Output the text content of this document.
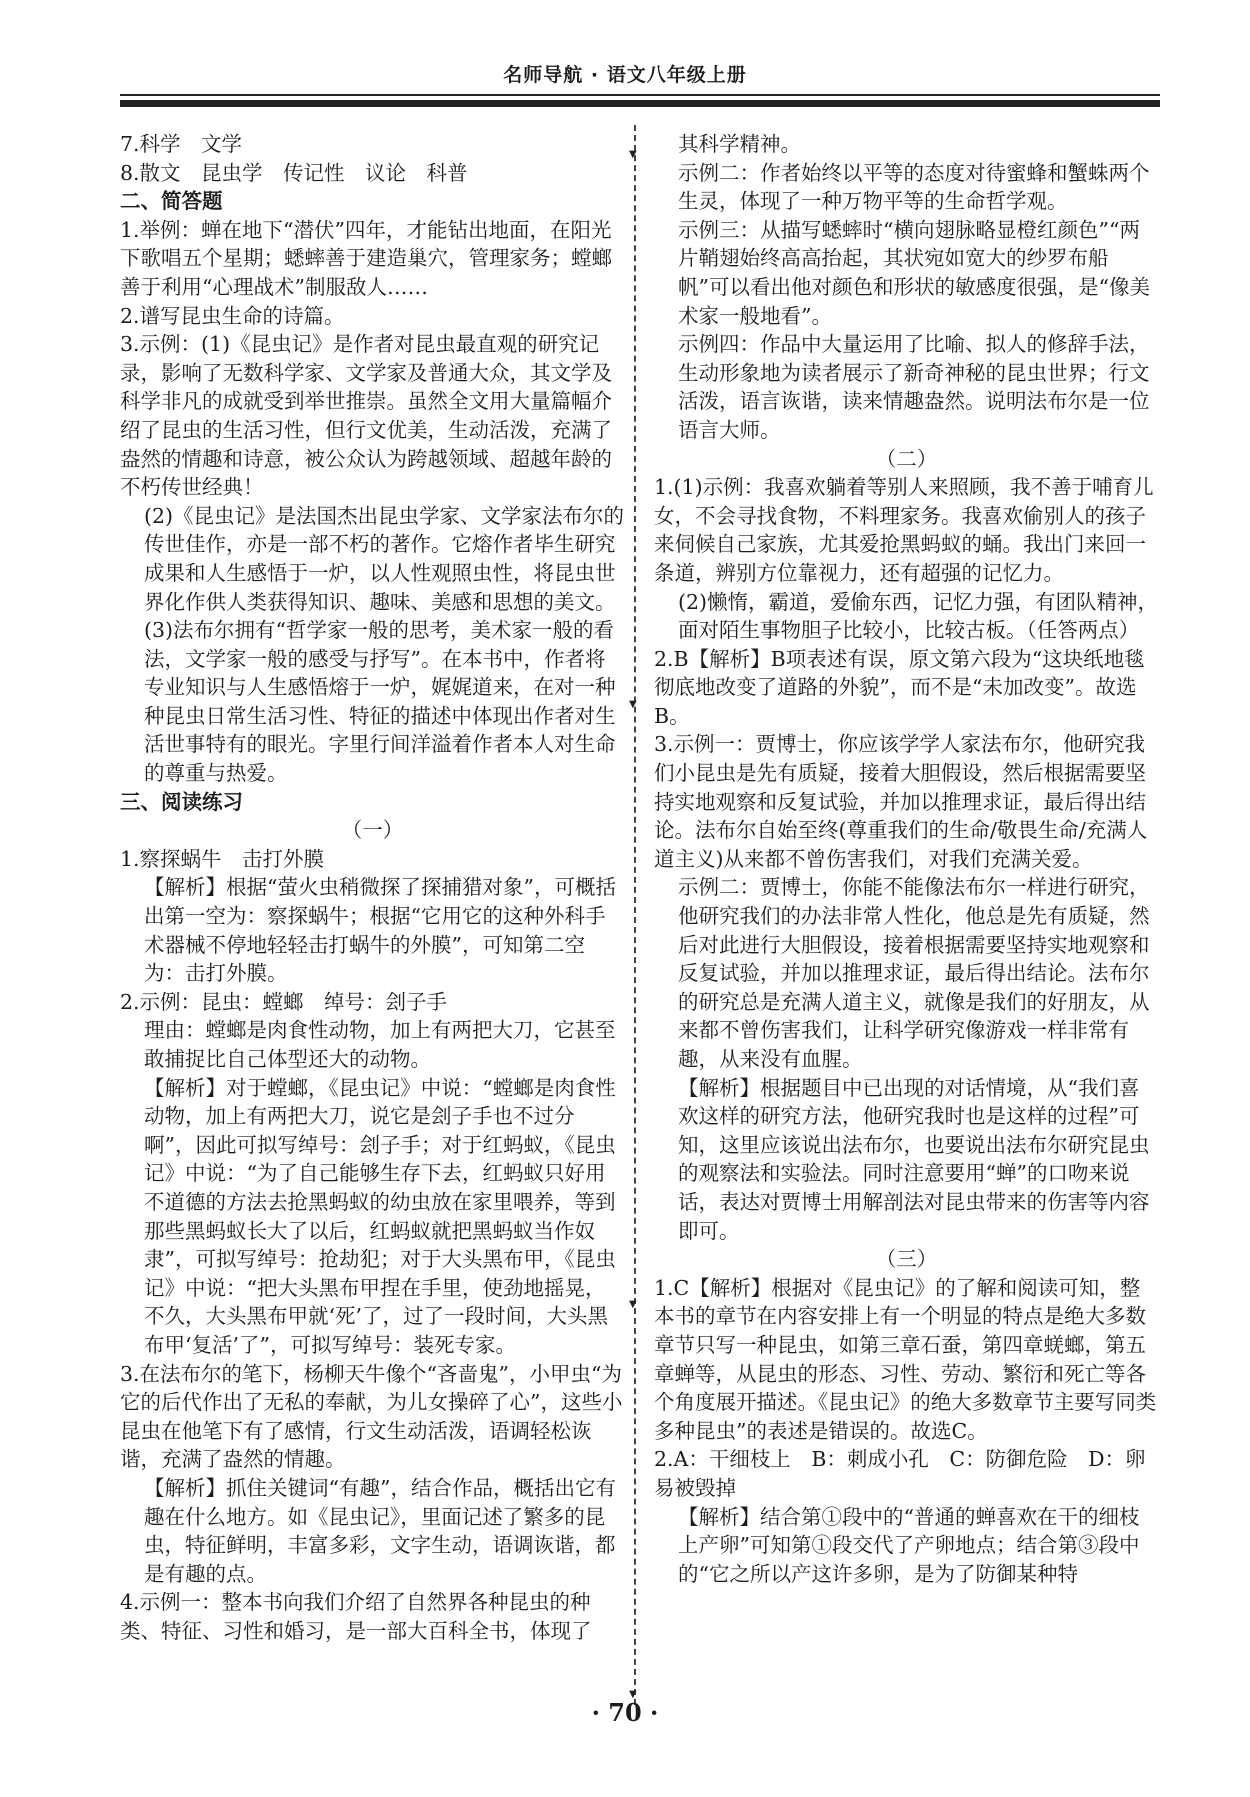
名师导航 · 语文八年级上册

7.科学　文学

8.散文　昆虫学　传记性　议论　科普

二、简答题

1.举例：蝉在地下“潜伏”四年，才能钻出地面，在阳光下歌唱五个星期；蟋蟀善于建造巢穴，管理家务；螳螂善于利用“心理战术”制服敌人……

2.谱写昆虫生命的诗篇。

3.示例：(1)《昆虫记》是作者对昆虫最直观的研究记录，影响了无数科学家、文学家及普通大众，其文学及科学非凡的成就受到举世推崇。虽然全文用大量篇幅介绍了昆虫的生活习性，但行文优美，生动活泼，充满了盎然的情趣和诗意，被公众认为跨越领域、超越年龄的不朽传世经典！

(2)《昆虫记》是法国杰出昆虫学家、文学家法布尔的传世佳作，亦是一部不朽的著作。它熔作者毕生研究成果和人生感悟于一炉，以人性观照虫性，将昆虫世界化作供人类获得知识、趣味、美感和思想的美文。

(3)法布尔拥有“哲学家一般的思考，美术家一般的看法，文学家一般的感受与抒写”。在本书中，作者将专业知识与人生感悟熔于一炉，娓娓道来，在对一种种昆虫日常生活习性、特征的描述中体现出作者对生活世事特有的眼光。字里行间洋溢着作者本人对生命的尊重与热爱。

三、阅读练习

（一）

1.察探蜗牛　击打外膜

【解析】根据“萤火虫稍微探了探捕猎对象”，可概括出第一空为：察探蜗牛；根据“它用它的这种外科手术器械不停地轻轻击打蜗牛的外膜”，可知第二空为：击打外膜。

2.示例：昆虫：螳螂　绰号：刽子手

理由：螳螂是肉食性动物，加上有两把大刀，它甚至敢捕捉比自己体型还大的动物。

【解析】对于螳螂，《昆虫记》中说：“螳螂是肉食性动物，加上有两把大刀，说它是刽子手也不过分啊”，因此可拟写绰号：刽子手；对于红蚂蚁，《昆虫记》中说：“为了自己能够生存下去，红蚂蚁只好用不道德的方法去抢黑蚂蚁的幼虫放在家里喂养，等到那些黑蚂蚁长大了以后，红蚂蚁就把黑蚂蚁当作奴隶”，可拟写绰号：抢劫犯；对于大头黑布甲，《昆虫记》中说：“把大头黑布甲捏在手里，使劲地摇晃，不久，大头黑布甲就‘死’了，过了一段时间，大头黑布甲‘复活’了”，可拟写绰号：装死专家。

3.在法布尔的笔下，杨柳天牛像个“吝啬鬼”，小甲虫“为它的后代作出了无私的奉献，为儿女操碎了心”，这些小昆虫在他笔下有了感情，行文生动活泼，语调轻松诙谐，充满了盎然的情趣。

【解析】抓住关键词“有趣”，结合作品，概括出它有趣在什么地方。如《昆虫记》，里面记述了繁多的昆虫，特征鲜明，丰富多彩，文字生动，语调诙谐，都是有趣的点。

4.示例一：整本书向我们介绍了自然界各种昆虫的种类、特征、习性和婚习，是一部大百科全书，体现了

其科学精神。

示例二：作者始终以平等的态度对待蜜蜂和蟹蛛两个生灵，体现了一种万物平等的生命哲学观。

示例三：从描写蟋蟀时“横向翅脉略显橙红颜色”“两片鞘翅始终高高抬起，其状宛如宽大的纱罗布船帆”可以看出他对颜色和形状的敏感度很强，是“像美术家一般地看”。

示例四：作品中大量运用了比喻、拟人的修辞手法，生动形象地为读者展示了新奇神秘的昆虫世界；行文活泼，语言诙谐，读来情趣盎然。说明法布尔是一位语言大师。

（二）

1.(1)示例：我喜欢躺着等别人来照顾，我不善于哺育儿女，不会寻找食物，不料理家务。我喜欢偷别人的孩子来伺候自己家族，尤其爱抢黑蚂蚁的蛹。我出门来回一条道，辨别方位靠视力，还有超强的记忆力。

(2)懒惰，霸道，爱偷东西，记忆力强，有团队精神，面对陌生事物胆子比较小，比较古板。（任答两点）

2.B【解析】B项表述有误，原文第六段为“这块纸地毯彻底地改变了道路的外貌”，而不是“未加改变”。故选B。

3.示例一：贾博士，你应该学学人家法布尔，他研究我们小昆虫是先有质疑，接着大胆假设，然后根据需要坚持实地观察和反复试验，并加以推理求证，最后得出结论。法布尔自始至终(尊重我们的生命/敬畏生命/充满人道主义)从来都不曾伤害我们，对我们充满关爱。

示例二：贾博士，你能不能像法布尔一样进行研究，他研究我们的办法非常人性化，他总是先有质疑，然后对此进行大胆假设，接着根据需要坚持实地观察和反复试验，并加以推理求证，最后得出结论。法布尔的研究总是充满人道主义，就像是我们的好朋友，从来都不曾伤害我们，让科学研究像游戏一样非常有趣，从来没有血腥。

【解析】根据题目中已出现的对话情境，从“我们喜欢这样的研究方法，他研究我时也是这样的过程”可知，这里应该说出法布尔，也要说出法布尔研究昆虫的观察法和实验法。同时注意要用“蝉”的口吻来说话，表达对贾博士用解剖法对昆虫带来的伤害等内容即可。

（三）

1.C【解析】根据对《昆虫记》的了解和阅读可知，整本书的章节在内容安排上有一个明显的特点是绝大多数章节只写一种昆虫，如第三章石蚕，第四章蜣螂，第五章蝉等，从昆虫的形态、习性、劳动、繁衍和死亡等各个角度展开描述。《昆虫记》的绝大多数章节主要写同类多种昆虫”的表述是错误的。故选C。

2.A：干细枝上　B：刺成小孔　C：防御危险　D：卵易被毁掉

【解析】结合第①段中的“普通的蝉喜欢在干的细枝上产卵”可知第①段交代了产卵地点；结合第③段中的“它之所以产这许多卵，是为了防御某种特

· 70 ·
▼
▼
▼
▼
